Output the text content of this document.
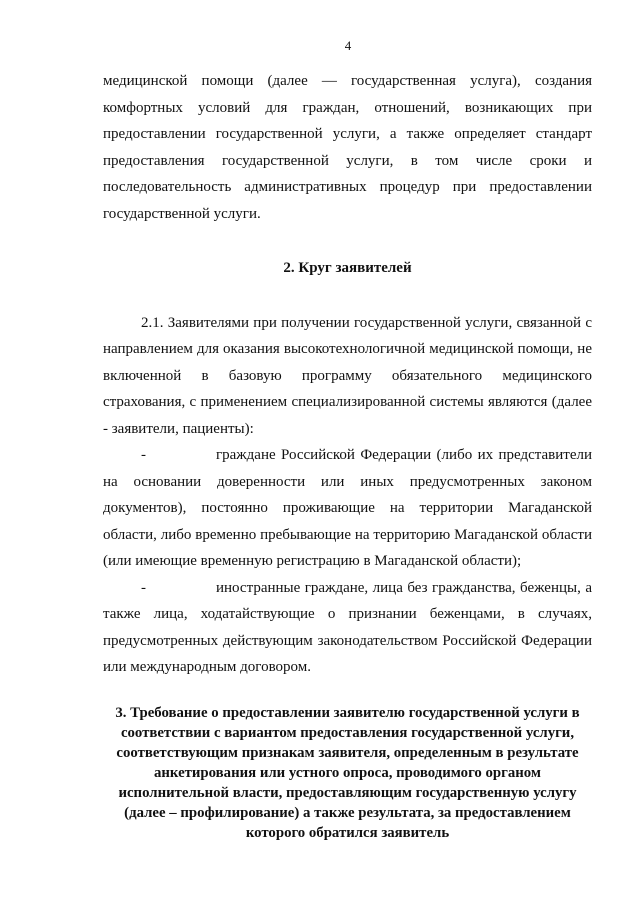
4

медицинской помощи (далее — государственная услуга), создания комфортных условий для граждан, отношений, возникающих при предоставлении государственной услуги, а также определяет стандарт предоставления государственной услуги, в том числе сроки и последовательность административных процедур при предоставлении государственной услуги.

2. Круг заявителей

2.1. Заявителями при получении государственной услуги, связанной с направлением для оказания высокотехнологичной медицинской помощи, не включенной в базовую программу обязательного медицинского страхования, с применением специализированной системы являются (далее - заявители, пациенты):

-	граждане Российской Федерации (либо их представители на основании доверенности или иных предусмотренных законом документов), постоянно проживающие на территории Магаданской области, либо временно пребывающие на территорию Магаданской области (или имеющие временную регистрацию в Магаданской области);

-	иностранные граждане, лица без гражданства, беженцы, а также лица, ходатайствующие о признании беженцами, в случаях, предусмотренных действующим законодательством Российской Федерации или международным договором.

3. Требование о предоставлении заявителю государственной услуги в соответствии с вариантом предоставления государственной услуги, соответствующим признакам заявителя, определенным в результате анкетирования или устного опроса, проводимого органом исполнительной власти, предоставляющим государственную услугу (далее – профилирование) а также результата, за предоставлением которого обратился заявитель
